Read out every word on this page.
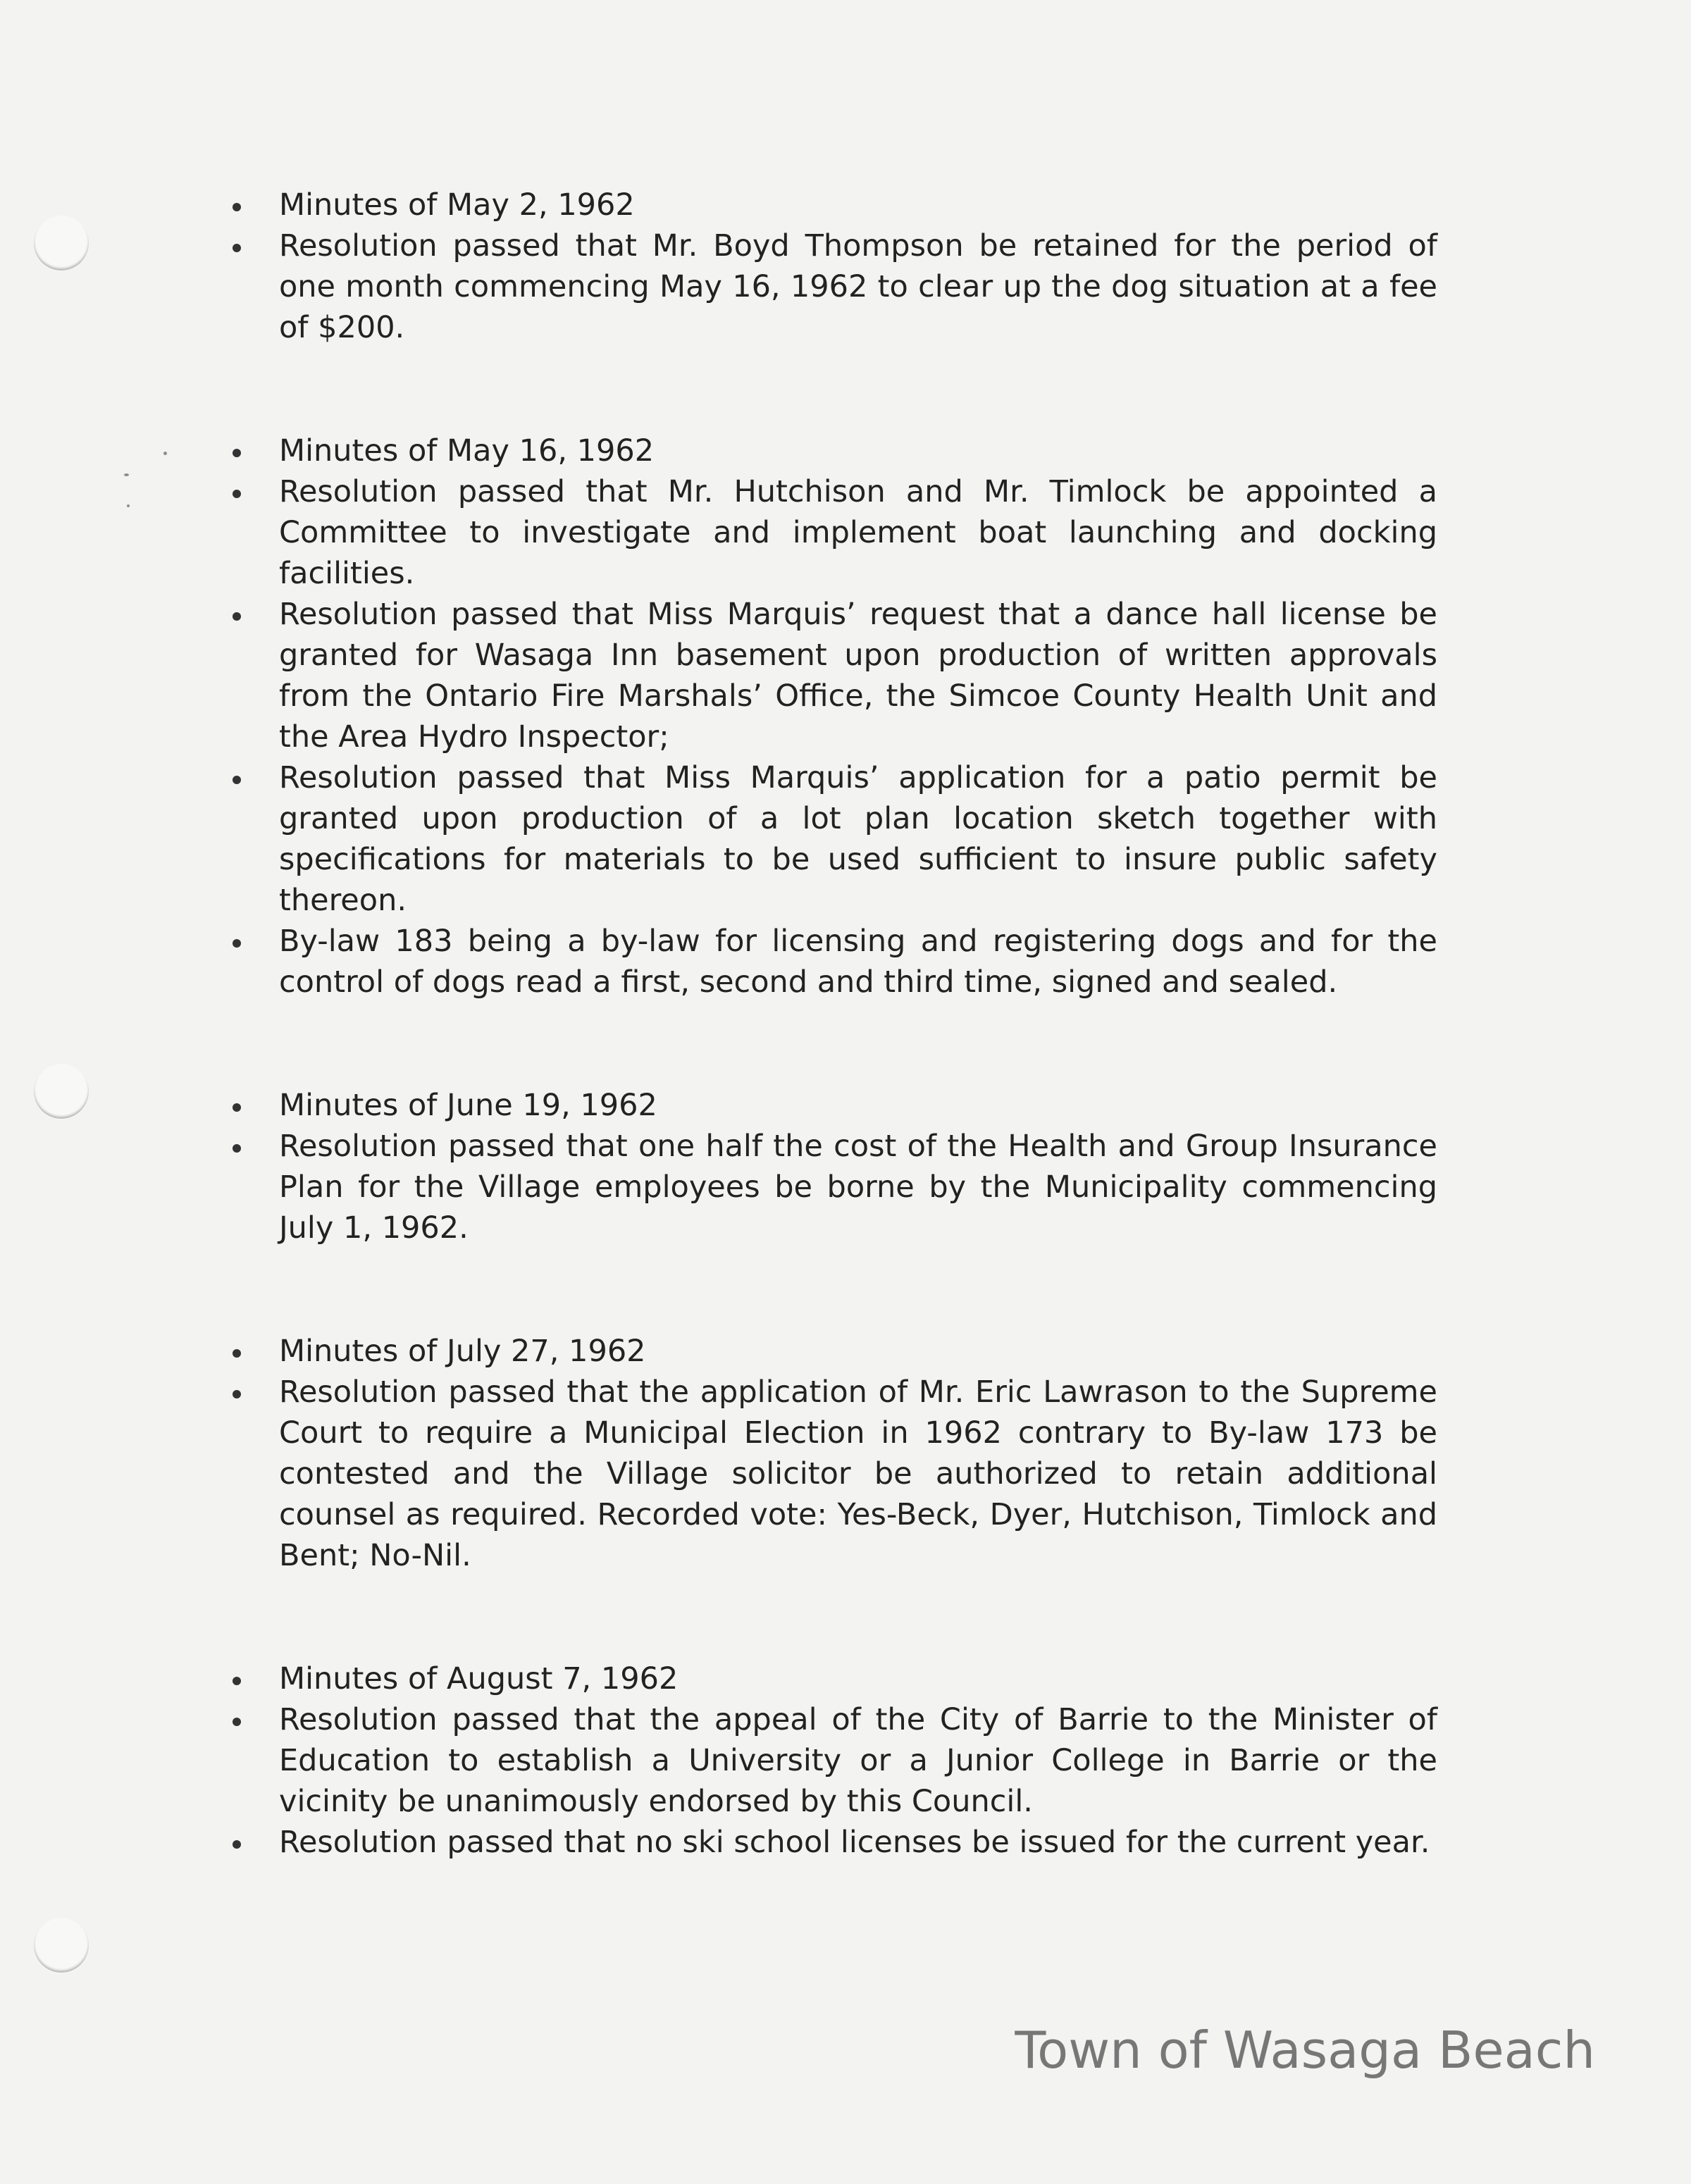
Minutes of May 2, 1962
Resolution passed that Mr. Boyd Thompson be retained for the period of one month commencing May 16, 1962 to clear up the dog situation at a fee of $200.
Minutes of May 16, 1962
Resolution passed that Mr. Hutchison and Mr. Timlock be appointed a Committee to investigate and implement boat launching and docking facilities.
Resolution passed that Miss Marquis’ request that a dance hall license be granted for Wasaga Inn basement upon production of written approvals from the Ontario Fire Marshals’ Office, the Simcoe County Health Unit and the Area Hydro Inspector;
Resolution passed that Miss Marquis’ application for a patio permit be granted upon production of a lot plan location sketch together with specifications for materials to be used sufficient to insure public safety thereon.
By-law 183 being a by-law for licensing and registering dogs and for the control of dogs read a first, second and third time, signed and sealed.
Minutes of June 19, 1962
Resolution passed that one half the cost of the Health and Group Insurance Plan for the Village employees be borne by the Municipality commencing July 1, 1962.
Minutes of July 27, 1962
Resolution passed that the application of Mr. Eric Lawrason to the Supreme Court to require a Municipal Election in 1962 contrary to By-law 173 be contested and the Village solicitor be authorized to retain additional counsel as required. Recorded vote: Yes-Beck, Dyer, Hutchison, Timlock and Bent; No-Nil.
Minutes of August 7, 1962
Resolution passed that the appeal of the City of Barrie to the Minister of Education to establish a University or a Junior College in Barrie or the vicinity be unanimously endorsed by this Council.
Resolution passed that no ski school licenses be issued for the current year.
Town of Wasaga Beach
